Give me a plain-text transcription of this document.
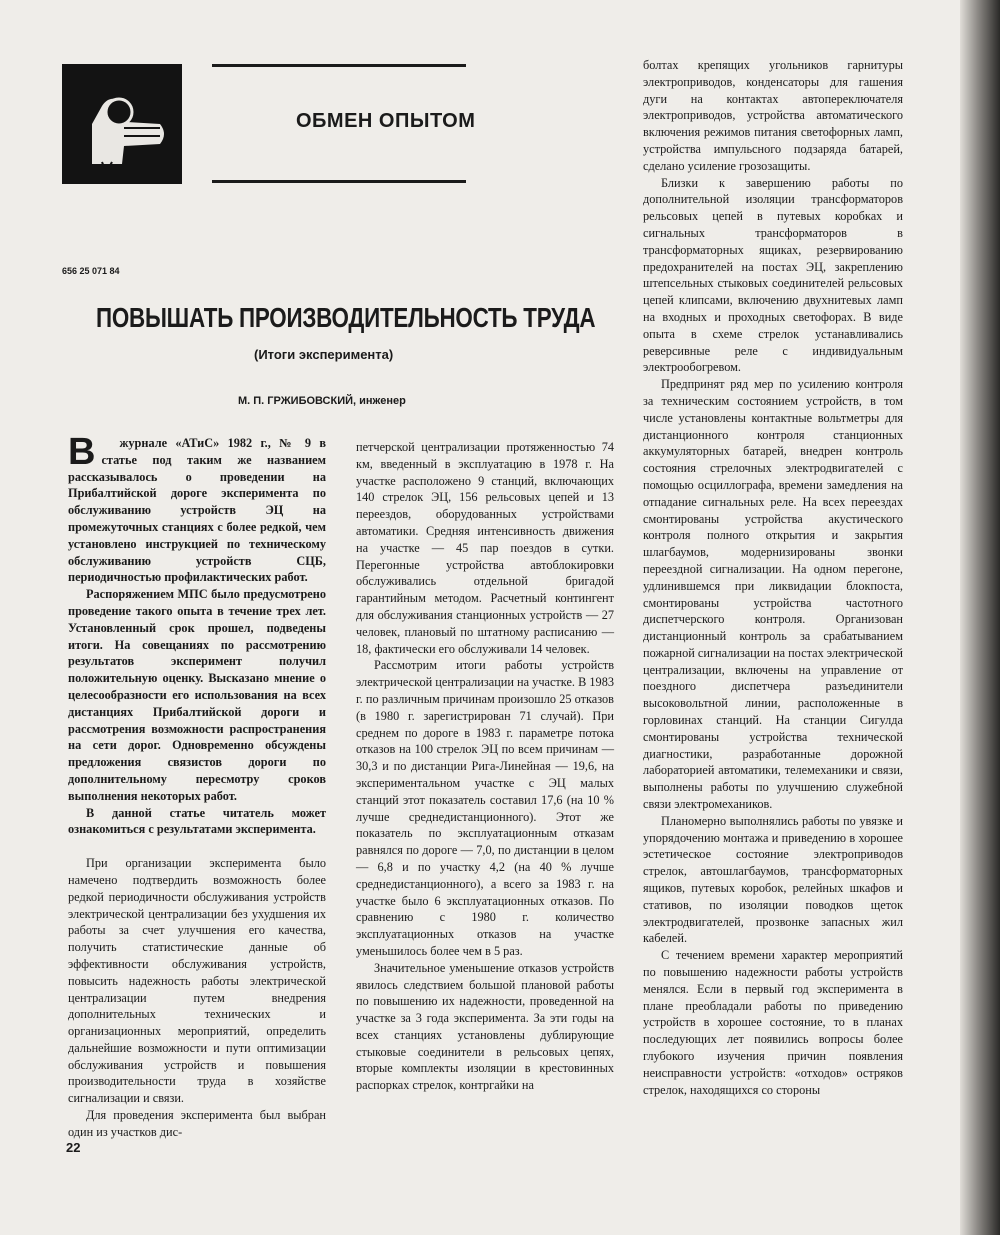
ОБМЕН ОПЫТОМ
656 25 071 84
ПОВЫШАТЬ ПРОИЗВОДИТЕЛЬНОСТЬ ТРУДА
(Итоги эксперимента)
М. П. ГРЖИБОВСКИЙ, инженер

В журнале «АТиС» 1982 г., № 9 в статье под таким же названием рассказывалось о проведении на Прибалтийской дороге эксперимента по обслуживанию устройств ЭЦ на промежуточных станциях с более редкой, чем установлено инструкцией по техническому обслуживанию устройств СЦБ, периодичностью профилактических работ.

Распоряжением МПС было предусмотрено проведение такого опыта в течение трех лет. Установленный срок прошел, подведены итоги. На совещаниях по рассмотрению результатов эксперимент получил положительную оценку. Высказано мнение о целесообразности его использования на всех дистанциях Прибалтийской дороги и рассмотрения возможности распространения на сети дорог. Одновременно обсуждены предложения связистов дороги по дополнительному пересмотру сроков выполнения некоторых работ.

В данной статье читатель может ознакомиться с результатами эксперимента.

При организации эксперимента было намечено подтвердить возможность более редкой периодичности обслуживания устройств электрической централизации без ухудшения их работы за счет улучшения его качества, получить статистические данные об эффективности обслуживания устройств, повысить надежность работы электрической централизации путем внедрения дополнительных технических и организационных мероприятий, определить дальнейшие возможности и пути оптимизации обслуживания устройств и повышения производительности труда в хозяйстве сигнализации и связи.

Для проведения эксперимента был выбран один из участков дис-

петчерской централизации протяженностью 74 км, введенный в эксплуатацию в 1978 г. На участке расположено 9 станций, включающих 140 стрелок ЭЦ, 156 рельсовых цепей и 13 переездов, оборудованных устройствами автоматики. Средняя интенсивность движения на участке — 45 пар поездов в сутки. Перегонные устройства автоблокировки обслуживались отдельной бригадой гарантийным методом. Расчетный контингент для обслуживания станционных устройств — 27 человек, плановый по штатному расписанию — 18, фактически его обслуживали 14 человек.

Рассмотрим итоги работы устройств электрической централизации на участке. В 1983 г. по различным причинам произошло 25 отказов (в 1980 г. зарегистрирован 71 случай). При среднем по дороге в 1983 г. параметре потока отказов на 100 стрелок ЭЦ по всем причинам — 30,3 и по дистанции Рига-Линейная — 19,6, на экспериментальном участке с ЭЦ малых станций этот показатель составил 17,6 (на 10 % лучше среднедистанционного). Этот же показатель по эксплуатационным отказам равнялся по дороге — 7,0, по дистанции в целом — 6,8 и по участку 4,2 (на 40 % лучше среднедистанционного), а всего за 1983 г. на участке было 6 эксплуатационных отказов. По сравнению с 1980 г. количество эксплуатационных отказов на участке уменьшилось более чем в 5 раз.

Значительное уменьшение отказов устройств явилось следствием большой плановой работы по повышению их надежности, проведенной на участке за 3 года эксперимента. За эти годы на всех станциях установлены дублирующие стыковые соединители в рельсовых цепях, вторые комплекты изоляции в крестовинных распорках стрелок, контргайки на

болтах крепящих угольников гарнитуры электроприводов, конденсаторы для гашения дуги на контактах автопереключателя электроприводов, устройства автоматического включения режимов питания светофорных ламп, устройства импульсного подзаряда батарей, сделано усиление грозозащиты.

Близки к завершению работы по дополнительной изоляции трансформаторов рельсовых цепей в путевых коробках и сигнальных трансформаторов в трансформаторных ящиках, резервированию предохранителей на постах ЭЦ, закреплению штепсельных стыковых соединителей рельсовых цепей клипсами, включению двухнитевых ламп на входных и проходных светофорах. В виде опыта в схеме стрелок устанавливались реверсивные реле с индивидуальным электрообогревом.

Предпринят ряд мер по усилению контроля за техническим состоянием устройств, в том числе установлены контактные вольтметры для дистанционного контроля станционных аккумуляторных батарей, внедрен контроль состояния стрелочных электродвигателей с помощью осциллографа, времени замедления на отпадание сигнальных реле. На всех переездах смонтированы устройства акустического контроля полного открытия и закрытия шлагбаумов, модернизированы звонки переездной сигнализации. На одном перегоне, удлинившемся при ликвидации блокпоста, смонтированы устройства частотного диспетчерского контроля. Организован дистанционный контроль за срабатыванием пожарной сигнализации на постах электрической централизации, включены на управление от поездного диспетчера разъединители высоковольтной линии, расположенные в горловинах станций. На станции Сигулда смонтированы устройства технической диагностики, разработанные дорожной лабораторией автоматики, телемеханики и связи, выполнены работы по улучшению служебной связи электромехаников.

Планомерно выполнялись работы по увязке и упорядочению монтажа и приведению в хорошее эстетическое состояние электроприводов стрелок, автошлагбаумов, трансформаторных ящиков, путевых коробок, релейных шкафов и стативов, по изоляции поводков щеток электродвигателей, прозвонке запасных жил кабелей.

С течением времени характер мероприятий по повышению надежности работы устройств менялся. Если в первый год эксперимента в плане преобладали работы по приведению устройств в хорошее состояние, то в планах последующих лет появились вопросы более глубокого изучения причин появления неисправности устройств: «отходов» остряков стрелок, находящихся со стороны

22
